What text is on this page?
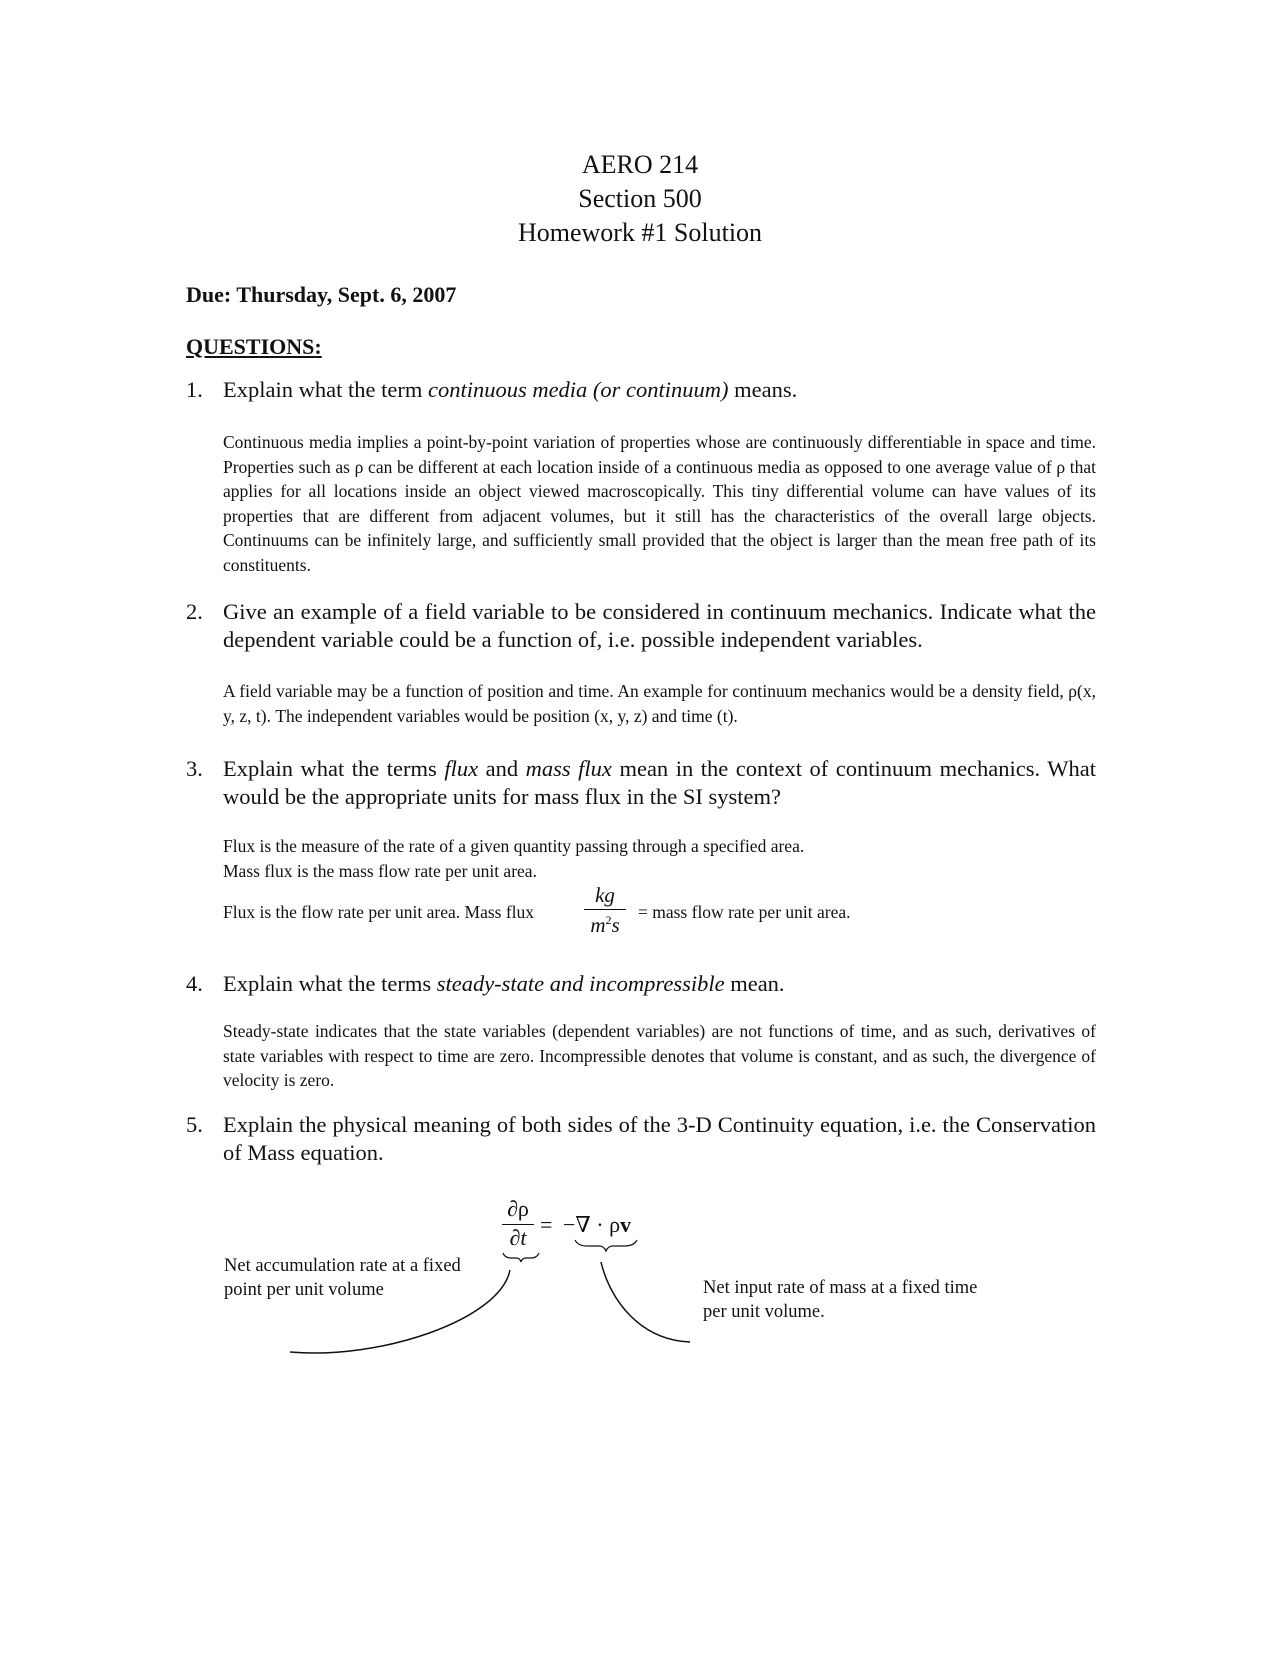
AERO 214
Section 500
Homework #1 Solution
Due: Thursday, Sept. 6, 2007
QUESTIONS:
1. Explain what the term continuous media (or continuum) means.

Continuous media implies a point-by-point variation of properties whose are continuously differentiable in space and time. Properties such as ρ can be different at each location inside of a continuous media as opposed to one average value of ρ that applies for all locations inside an object viewed macroscopically. This tiny differential volume can have values of its properties that are different from adjacent volumes, but it still has the characteristics of the overall large objects. Continuums can be infinitely large, and sufficiently small provided that the object is larger than the mean free path of its constituents.

2. Give an example of a field variable to be considered in continuum mechanics. Indicate what the dependent variable could be a function of, i.e. possible independent variables.

A field variable may be a function of position and time. An example for continuum mechanics would be a density field, ρ(x, y, z, t). The independent variables would be position (x, y, z) and time (t).

3. Explain what the terms flux and mass flux mean in the context of continuum mechanics. What would be the appropriate units for mass flux in the SI system?

Flux is the measure of the rate of a given quantity passing through a specified area.

Mass flux is the mass flow rate per unit area.

Flux is the flow rate per unit area. Mass flux
kg
$m^2s$
= mass flow rate per unit area.
4. Explain what the terms steady-state and incompressible mean.

Steady-state indicates that the state variables (dependent variables) are not functions of time, and as such, derivatives of state variables with respect to time are zero. Incompressible denotes that volume is constant, and as such, the divergence of velocity is zero.

5. Explain the physical meaning of both sides of the 3-D Continuity equation, i.e. the Conservation of Mass equation.
∂ρ
∂t
= −∇ · ρv
Net accumulation rate at a fixed
point per unit volume	Net input rate of mass at a fixed time
per unit volume.
